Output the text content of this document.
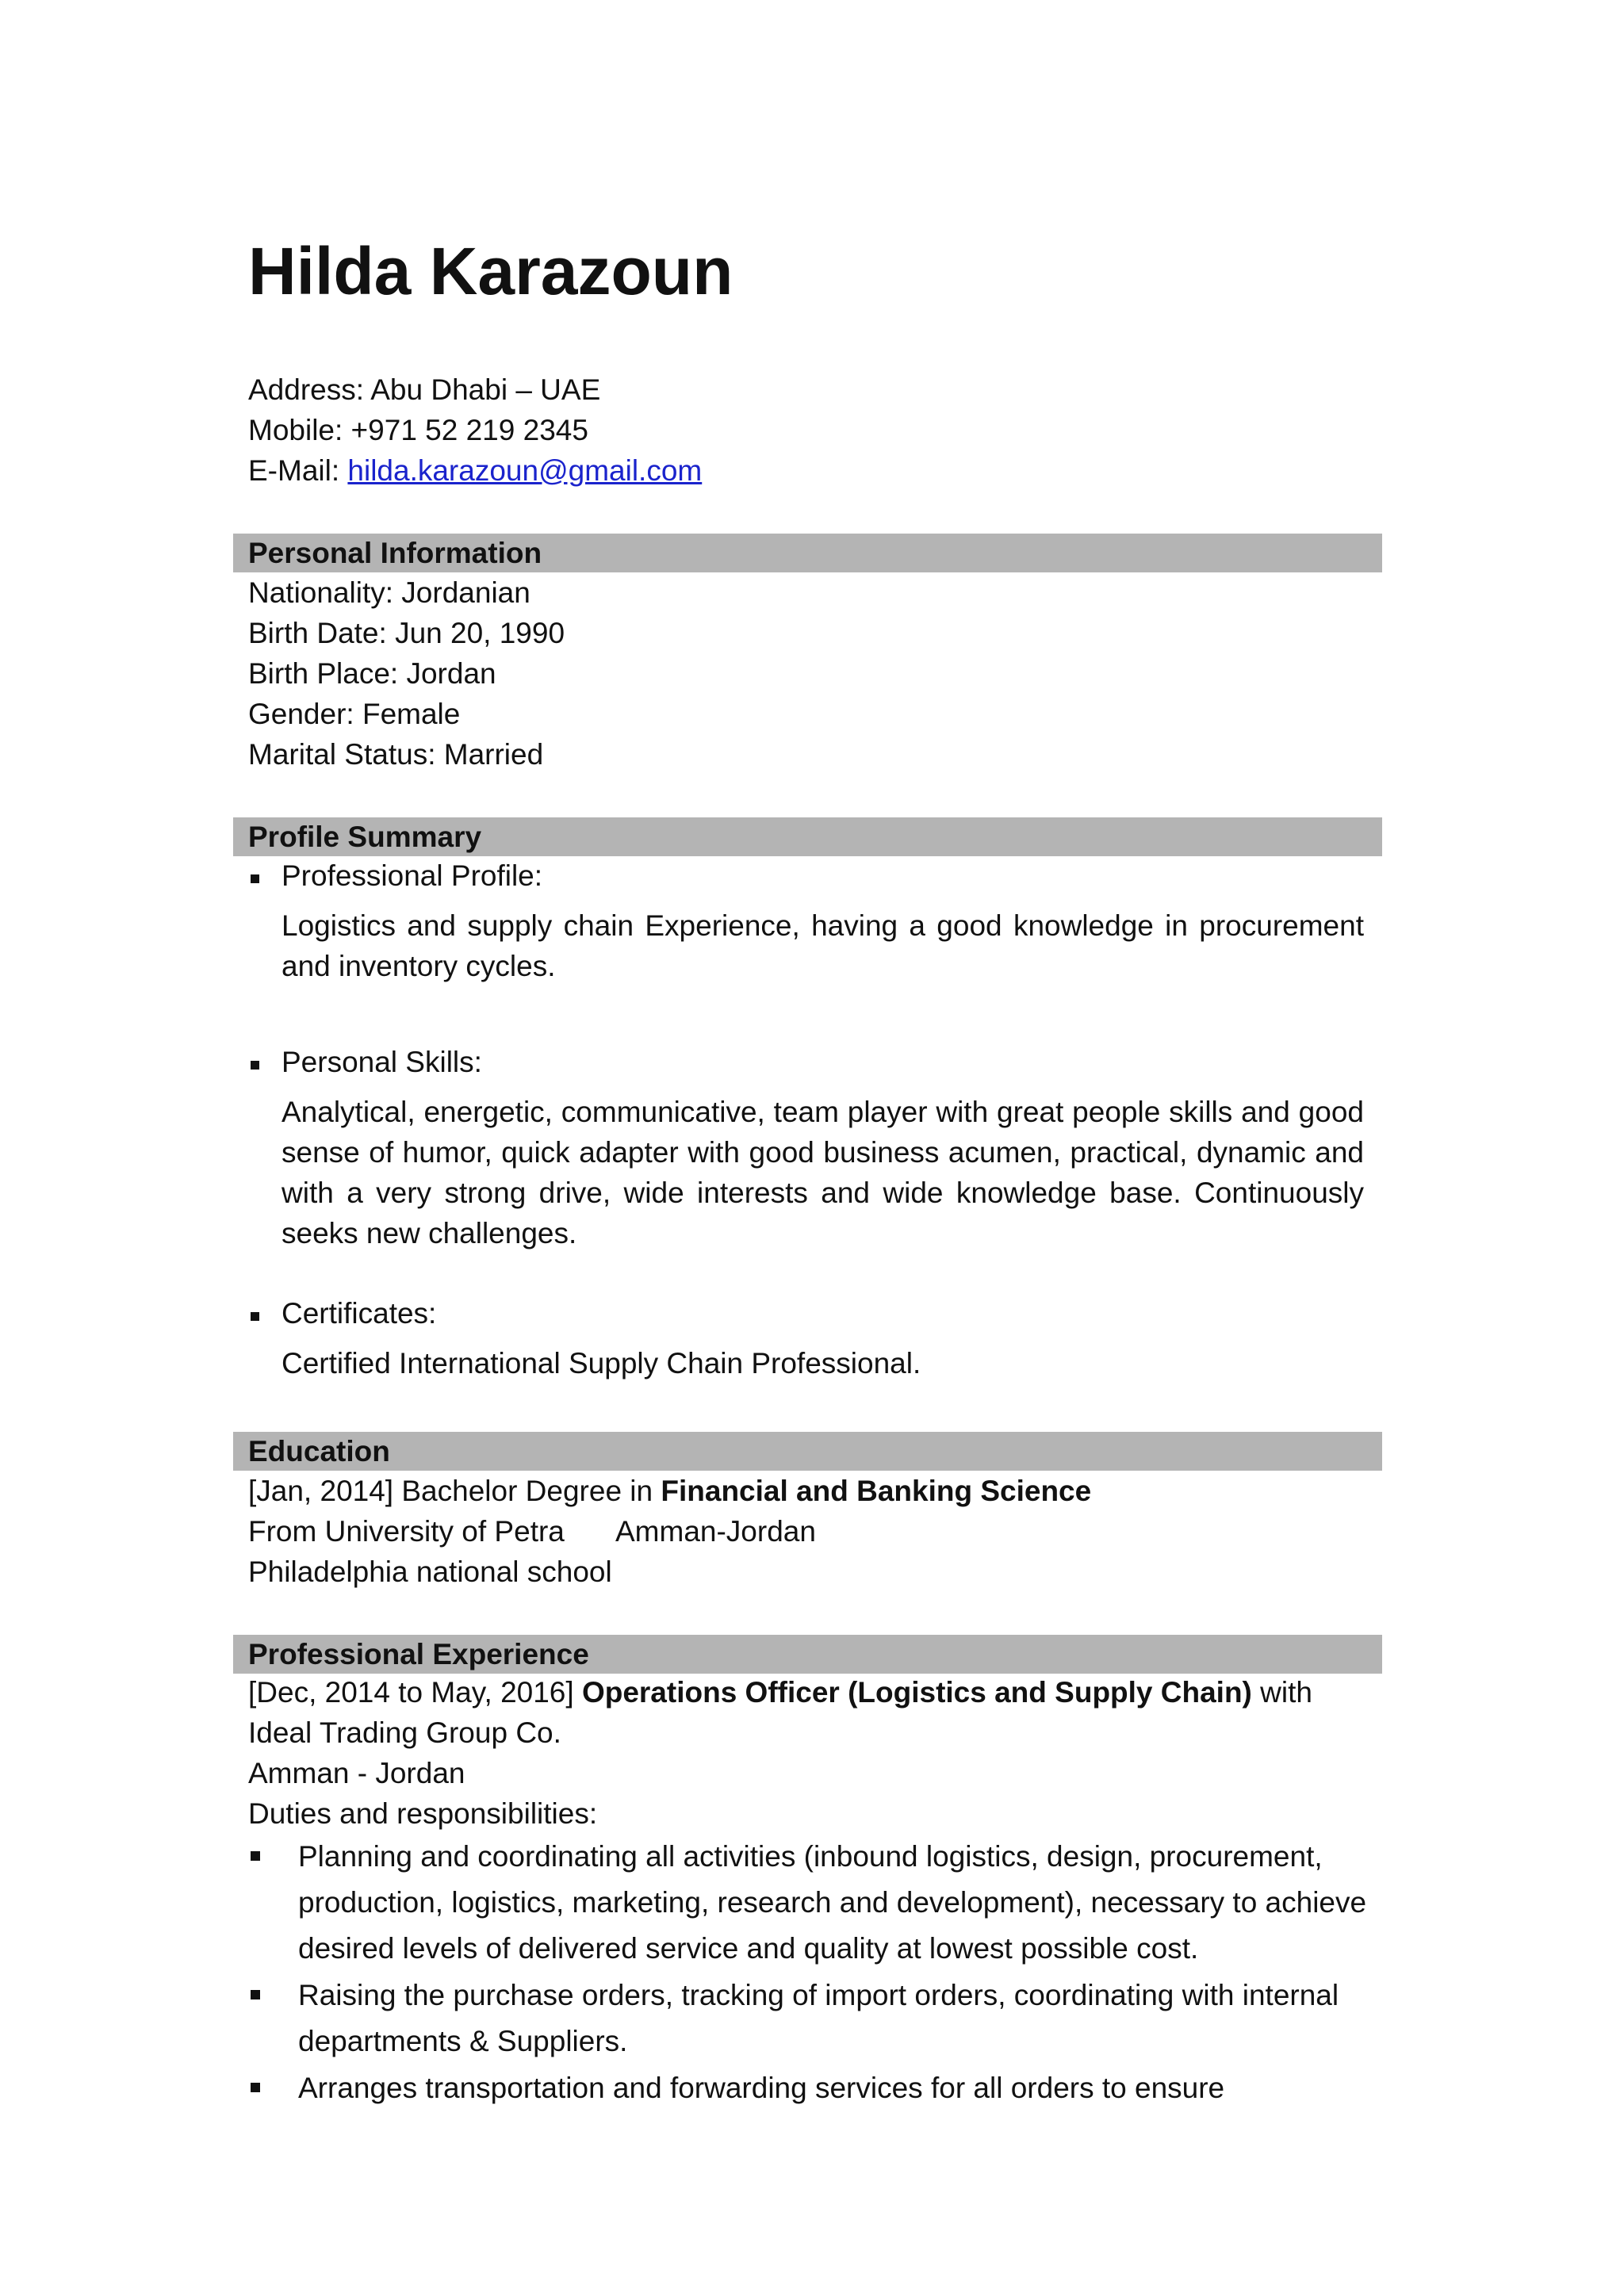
Hilda Karazoun
Address: Abu Dhabi – UAE
Mobile: +971 52 219 2345
E-Mail: hilda.karazoun@gmail.com
Personal Information
Nationality: Jordanian
Birth Date: Jun 20, 1990
Birth Place: Jordan
Gender: Female
Marital Status: Married
Profile Summary
Professional Profile:
Logistics and supply chain Experience, having a good knowledge in procurement and inventory cycles.
Personal Skills:
Analytical, energetic, communicative, team player with great people skills and good sense of humor, quick adapter with good business acumen, practical, dynamic and with a very strong drive, wide interests and wide knowledge base. Continuously seeks new challenges.
Certificates:
Certified International Supply Chain Professional.
Education
[Jan, 2014] Bachelor Degree in Financial and Banking Science
From University of Petra Amman-Jordan
Philadelphia national school
Professional Experience
[Dec, 2014 to May, 2016] Operations Officer (Logistics and Supply Chain) with
Ideal Trading Group Co.
Amman - Jordan
Duties and responsibilities:
Planning and coordinating all activities (inbound logistics, design, procurement, production, logistics, marketing, research and development), necessary to achieve desired levels of delivered service and quality at lowest possible cost.
Raising the purchase orders, tracking of import orders, coordinating with internal departments & Suppliers.
Arranges transportation and forwarding services for all orders to ensure
